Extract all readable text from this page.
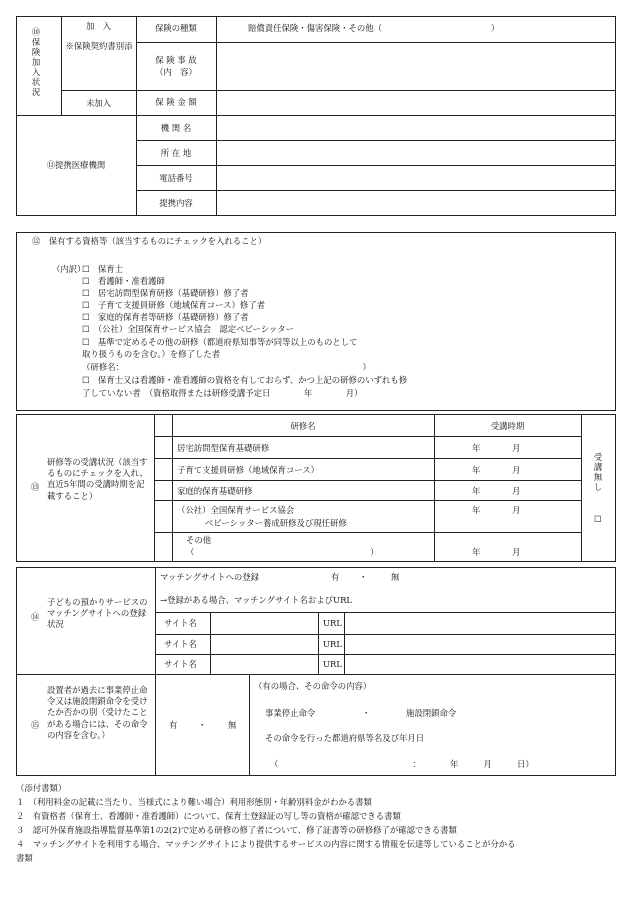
⑩保険加入状況
加　入
※保険契約書別添
未加入
保険の種類	賠償責任保険・傷害保険・その他（　　　　　　　　　　　　　）
保 険 事 故
（内　容）
保 険 金 額
⑪提携医療機関
機 関 名
所 在 地
電話番号
提携内容
⑫　保有する資格等（該当するものにチェックを入れること）
（内訳）
☐ 　	保育士
☐ 　看護師・准看護師
☐ 　居宅訪問型保育研修（基礎研修）修了者
☐ 　子育て支援員研修（地域保育コース）修了者
☐ 　家庭的保育者等研修（基礎研修）修了者
☐ 　（公社）全国保育サービス協会　認定ベビーシッター
☐ 　基準で定めるその他の研修（都道府県知事等が同等以上のものとして
取り扱うものを含む。）を修了した者
（研修名：　　　　　　　　　　　　　　　　　　　　　　　　　　　　　）
☐ 　保育士又は看護師・准看護師の資格を有しておらず、かつ上記の研修のいずれも修
了していない者　（資格取得または研修受講予定日　　　　年　　　　月）
⑬
研修等の受講状況（該当するものにチェックを入れ、直近5年間の受講時期を記載すること）
研修名	受講時期
受講無し
☐
居宅訪問型保育基礎研修
子育て支援員研修（地域保育コース）
家庭的保育基礎研修
（公社）全国保育サービス協会
ベビーシッター養成研修及び現任研修
その他
（　　　　　　　　　　　　　　　　　　　　　）
年	月
年	月
年	月
年	月
年	月
⑭
子どもの預かりサービスのマッチングサイトへの登録状況
マッチングサイトへの登録	有 ・	無
→登録がある場合、マッチングサイト名およびURL
サイト名	URL
サイト名	URL
サイト名	URL
⑮
設置者が過去に事業停止命令又は施設閉鎖命令を受けたか否かの別（受けたことがある場合には、その命令の内容を含む。）
有 ・	無
（有の場合、その命令の内容）
事業停止命令	・	施設閉鎖命令
その命令を行った都道府県等名及び年月日
（　　　　　　　　　　　　　　　　：　　　　年　　　月　　　日）
（添付書類）
１　（利用料金の記載に当たり、当様式により難い場合）利用形態別・年齢別料金がわかる書類
２　有資格者（保育士、看護師・准看護師）について、保育士登録証の写し等の資格が確認できる書類
３　認可外保育施設指導監督基準第1の2(2)で定める研修の修了者について、修了証書等の研修修了が確認できる書類
４　マッチングサイトを利用する場合、マッチングサイトにより提供するサービスの内容に関する情報を伝達等していることが分かる
書類
